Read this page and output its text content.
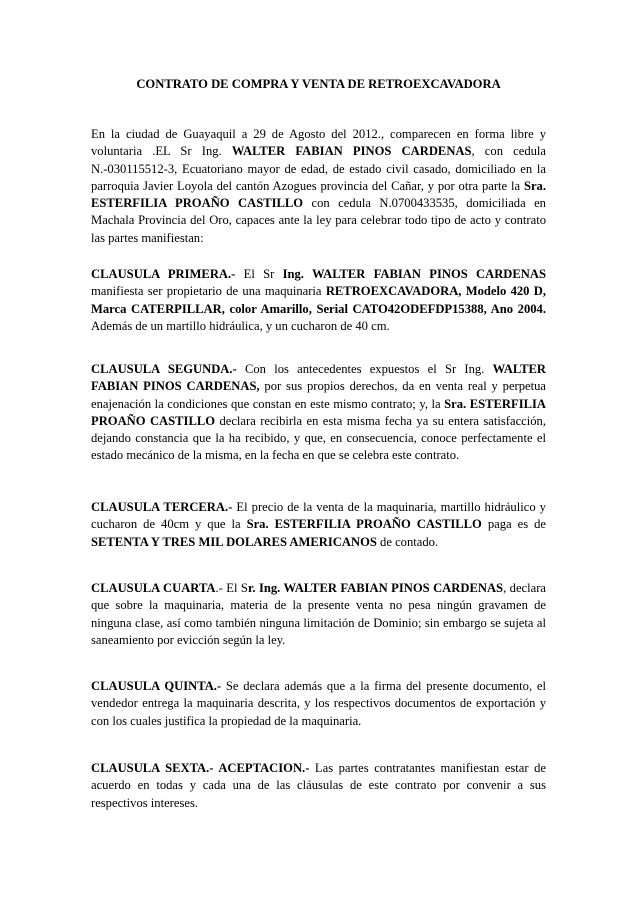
CONTRATO DE COMPRA Y VENTA DE RETROEXCAVADORA

En la ciudad de Guayaquil a 29 de Agosto del 2012., comparecen en forma libre y voluntaria .EL Sr Ing. WALTER FABIAN PINOS CARDENAS, con cedula N.-030115512-3, Ecuatoriano mayor de edad, de estado civil casado, domiciliado en la parroquia Javier Loyola del cantón Azogues provincia del Cañar, y por otra parte la Sra. ESTERFILIA PROAÑO CASTILLO con cedula N.0700433535, domiciliada en Machala Provincia del Oro, capaces ante la ley para celebrar todo tipo de acto y contrato las partes manifiestan:

CLAUSULA PRIMERA.- El Sr Ing. WALTER FABIAN PINOS CARDENAS manifiesta ser propietario de una maquinaria RETROEXCAVADORA, Modelo 420 D, Marca CATERPILLAR, color Amarillo, Serial CATO42ODEFDP15388, Ano 2004. Además de un martillo hidráulica, y un cucharon de 40 cm.

CLAUSULA SEGUNDA.- Con los antecedentes expuestos el Sr Ing. WALTER FABIAN PINOS CARDENAS, por sus propios derechos, da en venta real y perpetua enajenación la condiciones que constan en este mismo contrato; y, la Sra. ESTERFILIA PROAÑO CASTILLO declara recibirla en esta misma fecha ya su entera satisfacción, dejando constancia que la ha recibido, y que, en consecuencia, conoce perfectamente el estado mecánico de la misma, en la fecha en que se celebra este contrato.

CLAUSULA TERCERA.- El precio de la venta de la maquinaria, martillo hidráulico y cucharon de 40cm y que la Sra. ESTERFILIA PROAÑO CASTILLO paga es de SETENTA Y TRES MIL DOLARES AMERICANOS de contado.

CLAUSULA CUARTA.- El Sr. Ing. WALTER FABIAN PINOS CARDENAS, declara que sobre la maquinaria, materia de la presente venta no pesa ningún gravamen de ninguna clase, así como también ninguna limitación de Dominio; sin embargo se sujeta al saneamiento por evicción según la ley.

CLAUSULA QUINTA.- Se declara además que a la firma del presente documento, el vendedor entrega la maquinaria descrita, y los respectivos documentos de exportación y con los cuales justifica la propiedad de la maquinaria.

CLAUSULA SEXTA.- ACEPTACION.- Las partes contratantes manifiestan estar de acuerdo en todas y cada una de las cláusulas de este contrato por convenir a sus respectivos intereses.
